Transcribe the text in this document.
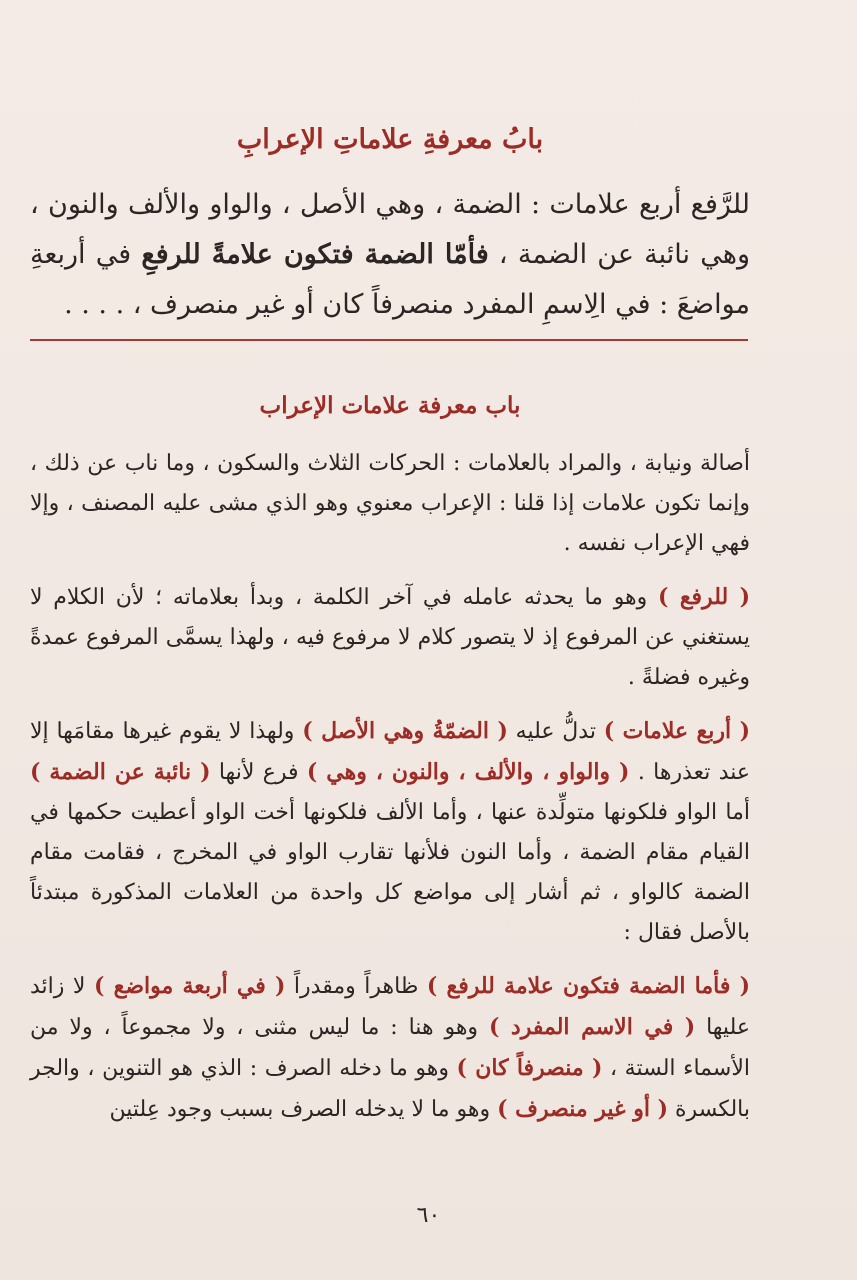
بابُ معرفةِ علاماتِ الإعرابِ

للرَّفع أربع علامات : الضمة ، وهي الأصل ، والواو والألف والنون ، وهي نائبة عن الضمة ، فأمّا الضمة فتكون علامةً للرفعِ في أربعةِ مواضعَ : في الِاسمِ المفرد منصرفاً كان أو غير منصرف ، . . . .

باب معرفة علامات الإعراب

أصالة ونيابة ، والمراد بالعلامات : الحركات الثلاث والسكون ، وما ناب عن ذلك ، وإنما تكون علامات إذا قلنا : الإعراب معنوي وهو الذي مشى عليه المصنف ، وإلا فهي الإعراب نفسه .

( للرفع ) وهو ما يحدثه عامله في آخر الكلمة ، وبدأ بعلاماته ؛ لأن الكلام لا يستغني عن المرفوع إذ لا يتصور كلام لا مرفوع فيه ، ولهذا يسمَّى المرفوع عمدةً وغيره فضلةً .

( أربع علامات ) تدلُّ عليه ( الضمّةُ وهي الأصل ) ولهذا لا يقوم غيرها مقامَها إلا عند تعذرها . ( والواو ، والألف ، والنون ، وهي ) فرع لأنها ( نائبة عن الضمة ) أما الواو فلكونها متولِّدة عنها ، وأما الألف فلكونها أخت الواو أعطيت حكمها في القيام مقام الضمة ، وأما النون فلأنها تقارب الواو في المخرج ، فقامت مقام الضمة كالواو ، ثم أشار إلى مواضع كل واحدة من العلامات المذكورة مبتدئاً بالأصل فقال :

( فأما الضمة فتكون علامة للرفع ) ظاهراً ومقدراً ( في أربعة مواضع ) لا زائد عليها ( في الاسم المفرد ) وهو هنا : ما ليس مثنى ، ولا مجموعاً ، ولا من الأسماء الستة ، ( منصرفاً كان ) وهو ما دخله الصرف : الذي هو التنوين ، والجر بالكسرة ( أو غير منصرف ) وهو ما لا يدخله الصرف بسبب وجود عِلتين

٦٠
